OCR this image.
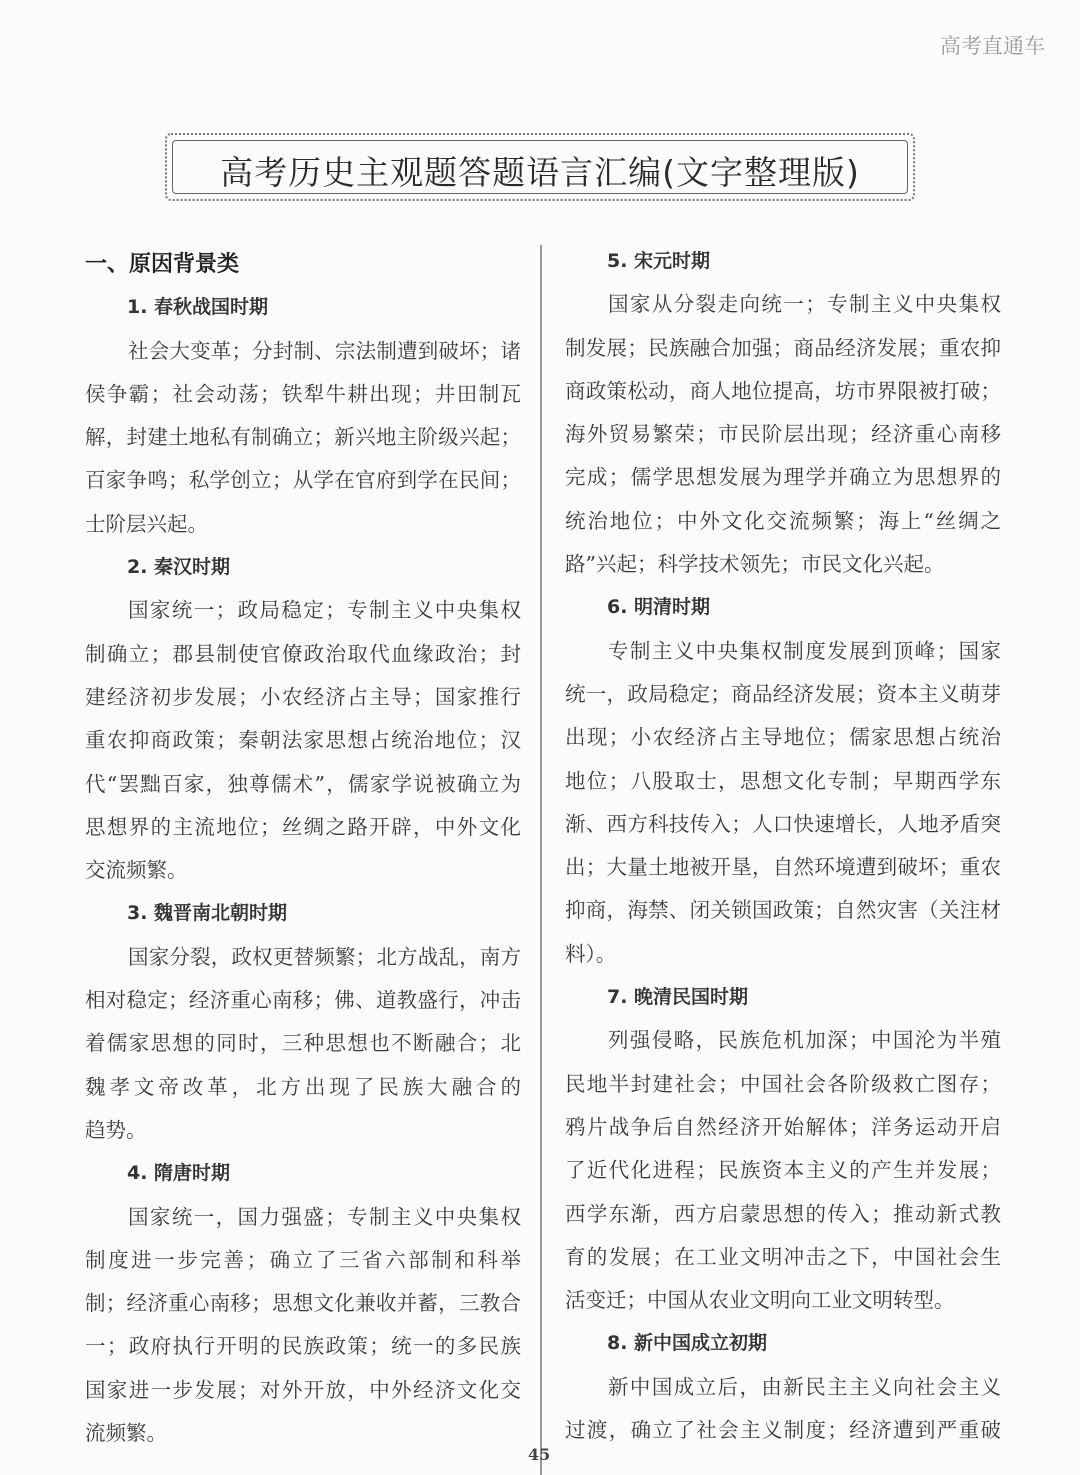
高考历史主观题答题语言汇编(文字整理版)
一、原因背景类
1. 春秋战国时期
社会大变革；分封制、宗法制遭到破坏；诸
侯争霸；社会动荡；铁犁牛耕出现；井田制瓦
解，封建土地私有制确立；新兴地主阶级兴起；
百家争鸣；私学创立；从学在官府到学在民间；
士阶层兴起。
2. 秦汉时期
国家统一；政局稳定；专制主义中央集权
制确立；郡县制使官僚政治取代血缘政治；封
建经济初步发展；小农经济占主导；国家推行
重农抑商政策；秦朝法家思想占统治地位；汉
代“罢黜百家，独尊儒术”，儒家学说被确立为
思想界的主流地位；丝绸之路开辟，中外文化
交流频繁。
3. 魏晋南北朝时期
国家分裂，政权更替频繁；北方战乱，南方
相对稳定；经济重心南移；佛、道教盛行，冲击
着儒家思想的同时，三种思想也不断融合；北
魏孝文帝改革，北方出现了民族大融合的
趋势。
4. 隋唐时期
国家统一，国力强盛；专制主义中央集权
制度进一步完善；确立了三省六部制和科举
制；经济重心南移；思想文化兼收并蓄，三教合
一；政府执行开明的民族政策；统一的多民族
国家进一步发展；对外开放，中外经济文化交
流频繁。
5. 宋元时期
国家从分裂走向统一；专制主义中央集权
制发展；民族融合加强；商品经济发展；重农抑
商政策松动，商人地位提高，坊市界限被打破；
海外贸易繁荣；市民阶层出现；经济重心南移
完成；儒学思想发展为理学并确立为思想界的
统治地位；中外文化交流频繁；海上“丝绸之
路”兴起；科学技术领先；市民文化兴起。
6. 明清时期
专制主义中央集权制度发展到顶峰；国家
统一，政局稳定；商品经济发展；资本主义萌芽
出现；小农经济占主导地位；儒家思想占统治
地位；八股取士，思想文化专制；早期西学东
渐、西方科技传入；人口快速增长，人地矛盾突
出；大量土地被开垦，自然环境遭到破坏；重农
抑商，海禁、闭关锁国政策；自然灾害（关注材
料）。
7. 晚清民国时期
列强侵略，民族危机加深；中国沦为半殖
民地半封建社会；中国社会各阶级救亡图存；
鸦片战争后自然经济开始解体；洋务运动开启
了近代化进程；民族资本主义的产生并发展；
西学东渐，西方启蒙思想的传入；推动新式教
育的发展；在工业文明冲击之下，中国社会生
活变迁；中国从农业文明向工业文明转型。
8. 新中国成立初期
新中国成立后，由新民主主义向社会主义
过渡，确立了社会主义制度；经济遭到严重破
高考直通车
45
